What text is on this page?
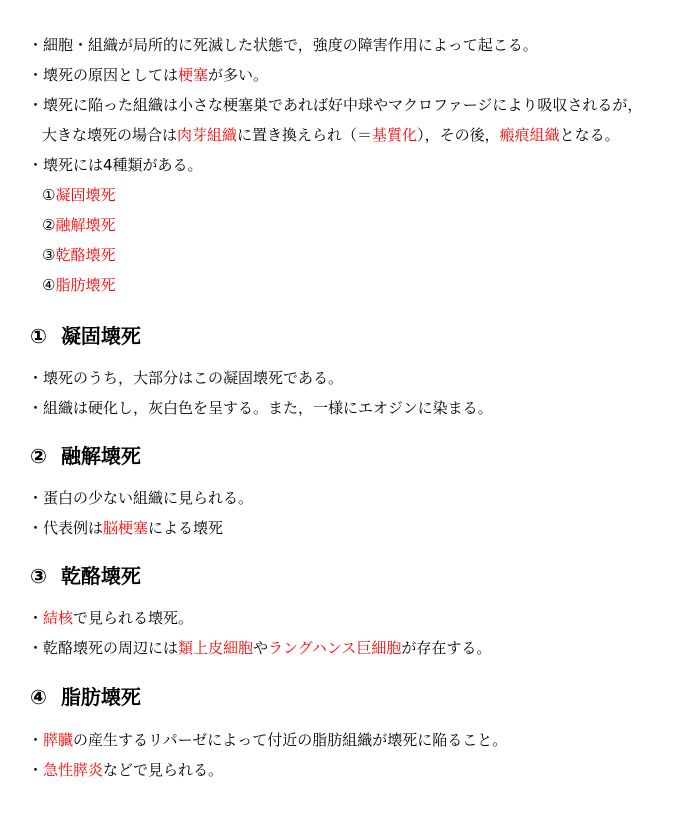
・細胞・組織が局所的に死滅した状態で，強度の障害作用によって起こる。
・壊死の原因としては梗塞が多い。
・壊死に陥った組織は小さな梗塞巣であれば好中球やマクロファージにより吸収されるが，
大きな壊死の場合は肉芽組織に置き換えられ（＝基質化），その後，瘢痕組織となる。
・壊死には4種類がある。
①凝固壊死
②融解壊死
③乾酪壊死
④脂肪壊死
① 凝固壊死
・壊死のうち，大部分はこの凝固壊死である。
・組織は硬化し，灰白色を呈する。また，一様にエオジンに染まる。
② 融解壊死
・蛋白の少ない組織に見られる。
・代表例は脳梗塞による壊死
③ 乾酪壊死
・結核で見られる壊死。
・乾酪壊死の周辺には類上皮細胞やラングハンス巨細胞が存在する。
④ 脂肪壊死
・膵臓の産生するリパーゼによって付近の脂肪組織が壊死に陥ること。
・急性膵炎などで見られる。
